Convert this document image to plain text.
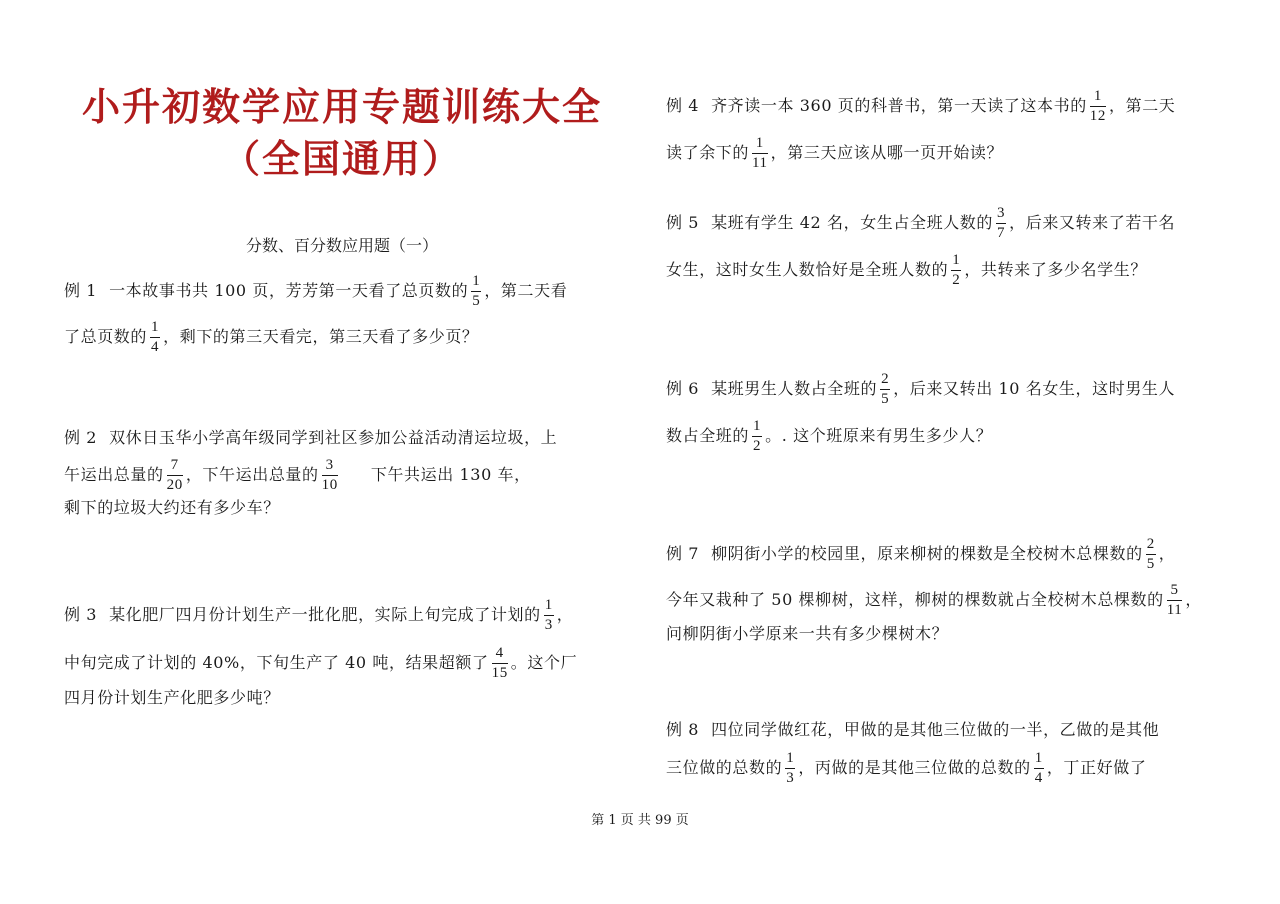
小升初数学应用专题训练大全
（全国通用）
分数、百分数应用题（一）
例 1 一本故事书共 100 页，芳芳第一天看了总页数的 $\frac{1}{5}$ ，第二天看
了总页数的 $\frac{1}{4}$ ，剩下的第三天看完，第三天看了多少页？
例 2 双休日玉华小学高年级同学到社区参加公益活动清运垃圾，上
午运出总量的 $\frac{7}{20}$ ，下午运出总量的 $\frac{3}{10}$ 下午共运出 130 车，
剩下的垃圾大约还有多少车？
例 3 某化肥厂四月份计划生产一批化肥，实际上旬完成了计划的 $\frac{1}{3}$ ，
中旬完成了计划的 40%，下旬生产了 40 吨，结果超额了 $\frac{4}{15}$ 。这个厂
四月份计划生产化肥多少吨？
例 4 齐齐读一本 360 页的科普书，第一天读了这本书的 $\frac{1}{12}$ ，第二天
读了余下的 $\frac{1}{11}$ ，第三天应该从哪一页开始读？
例 5 某班有学生 42 名，女生占全班人数的 $\frac{3}{7}$ ，后来又转来了若干名
女生，这时女生人数恰好是全班人数的 $\frac{1}{2}$ ，共转来了多少名学生？
例 6 某班男生人数占全班的 $\frac{2}{5}$ ，后来又转出 10 名女生，这时男生人
数占全班的 $\frac{1}{2}$ 。. 这个班原来有男生多少人？
例 7 柳阴街小学的校园里，原来柳树的棵数是全校树木总棵数的 $\frac{2}{5}$ ，
今年又栽种了 50 棵柳树，这样，柳树的棵数就占全校树木总棵数的 $\frac{5}{11}$ ，
问柳阴街小学原来一共有多少棵树木？
例 8 四位同学做红花，甲做的是其他三位做的一半，乙做的是其他
三位做的总数的 $\frac{1}{3}$ ，丙做的是其他三位做的总数的 $\frac{1}{4}$ ，丁正好做了
第 1 页 共 99 页
